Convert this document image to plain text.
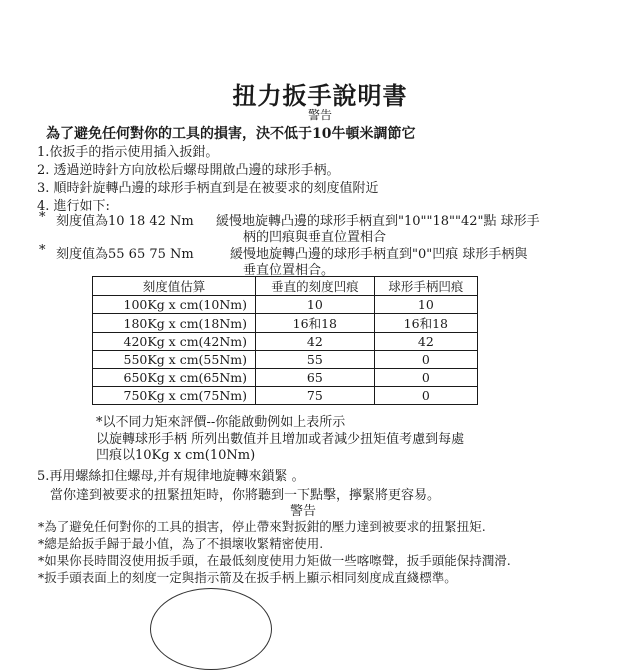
扭力扳手說明書
警告
為了避免任何對你的工具的損害，決不低于10牛頓米調節它
1.依扳手的指示使用插入扳鉗。
2. 透過逆時針方向放松后螺母開啟凸邊的球形手柄。
3. 順時針旋轉凸邊的球形手柄直到是在被要求的刻度值附近
4. 進行如下:
* 刻度值為10 18 42 Nm 緩慢地旋轉凸邊的球形手柄直到"10""18""42"點 球形手
柄的凹痕與垂直位置相合
* 刻度值為55 65 75 Nm	緩慢地旋轉凸邊的球形手柄直到"0"凹痕 球形手柄與
垂直位置相合。
刻度值估算	垂直的刻度凹痕	球形手柄凹痕
100Kg x cm(10Nm)	10	10
180Kg x cm(18Nm)	16和18	16和18
420Kg x cm(42Nm)	42	42
550Kg x cm(55Nm)	55	0
650Kg x cm(65Nm)	65	0
750Kg x cm(75Nm)	75	0
*以不同力矩來評價--你能啟動例如上表所示
以旋轉球形手柄 所列出數值并且增加或者減少扭矩值考慮到每處
凹痕以10Kg x cm(10Nm)
5.再用螺絲扣住螺母,并有規律地旋轉來鎖緊 。
當你達到被要求的扭緊扭矩時，你將聽到一下點擊，擰緊將更容易。
警告
*為了避免任何對你的工具的損害，停止帶來對扳鉗的壓力達到被要求的扭緊扭矩.
*總是給扳手歸于最小值，為了不損壞收緊精密使用.
*如果你長時間沒使用扳手頭，在最低刻度使用力矩做一些喀嚓聲，扳手頭能保持潤滑.
*扳手頭表面上的刻度一定與指示箭及在扳手柄上顯示相同刻度成直綫標準。
